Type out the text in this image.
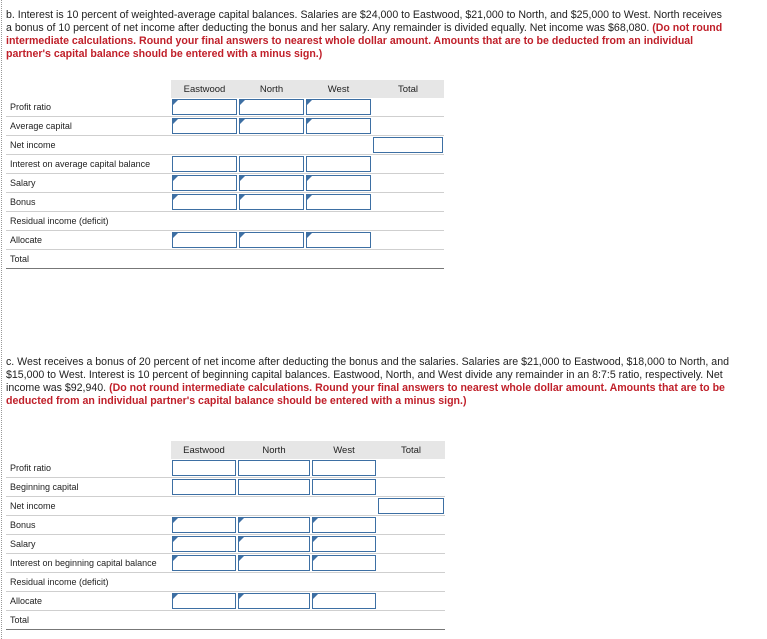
b. Interest is 10 percent of weighted-average capital balances. Salaries are $24,000 to Eastwood, $21,000 to North, and $25,000 to West. North receives a bonus of 10 percent of net income after deducting the bonus and her salary. Any remainder is divided equally. Net income was $68,080. (Do not round intermediate calculations. Round your final answers to nearest whole dollar amount. Amounts that are to be deducted from an individual partner's capital balance should be entered with a minus sign.)
	Eastwood	North	West	Total
Profit ratio	

Average capital	

Net income				

Interest on average capital balance	

Salary	

Bonus	

Residual income (deficit)				
Allocate	

Total				
c. West receives a bonus of 20 percent of net income after deducting the bonus and the salaries. Salaries are $21,000 to Eastwood, $18,000 to North, and $15,000 to West. Interest is 10 percent of beginning capital balances. Eastwood, North, and West divide any remainder in an 8:7:5 ratio, respectively. Net income was $92,940. (Do not round intermediate calculations. Round your final answers to nearest whole dollar amount. Amounts that are to be deducted from an individual partner's capital balance should be entered with a minus sign.)
	Eastwood	North	West	Total
Profit ratio	

Beginning capital	

Net income				

Bonus	

Salary	

Interest on beginning capital balance	

Residual income (deficit)				
Allocate	

Total				
